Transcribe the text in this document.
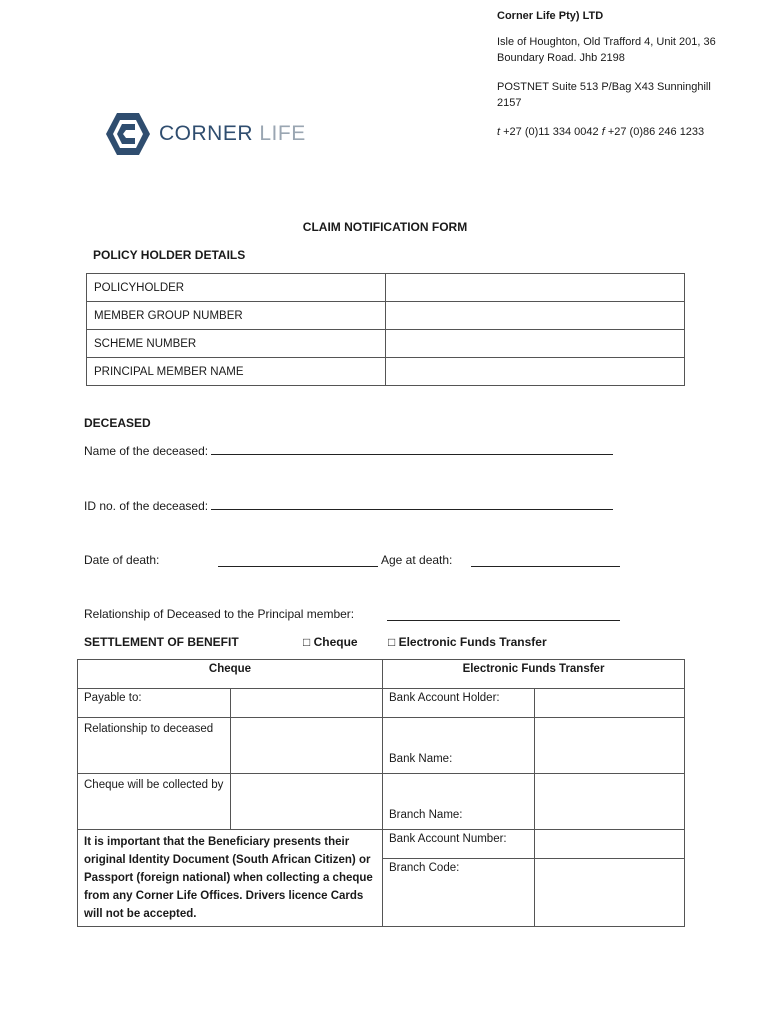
Corner Life Pty) LTD
Isle of Houghton, Old Trafford 4, Unit 201, 36 Boundary Road. Jhb 2198
POSTNET Suite 513 P/Bag X43 Sunninghill 2157
t +27 (0)11 334 0042 f +27 (0)86 246 1233
CORNER LIFE
CLAIM NOTIFICATION FORM
POLICY HOLDER DETAILS
POLICYHOLDER	
MEMBER GROUP NUMBER	
SCHEME NUMBER	
PRINCIPAL MEMBER NAME	
DECEASED
Name of the deceased:
ID no. of the deceased:
Date of death:	Age at death:
Relationship of Deceased to the Principal member:
SETTLEMENT OF BENEFIT	□ Cheque	□ Electronic Funds Transfer
Cheque		Electronic Funds Transfer	
Payable to:		Bank Account Holder:	
Relationship to deceased		Bank Name:	
Cheque will be collected by		Branch Name:	
It is important that the Beneficiary presents their original Identity Document (South African Citizen) or Passport (foreign national) when collecting a cheque from any Corner Life Offices. Drivers licence Cards will not be accepted.		Bank Account Number:	
		Branch Code:	
